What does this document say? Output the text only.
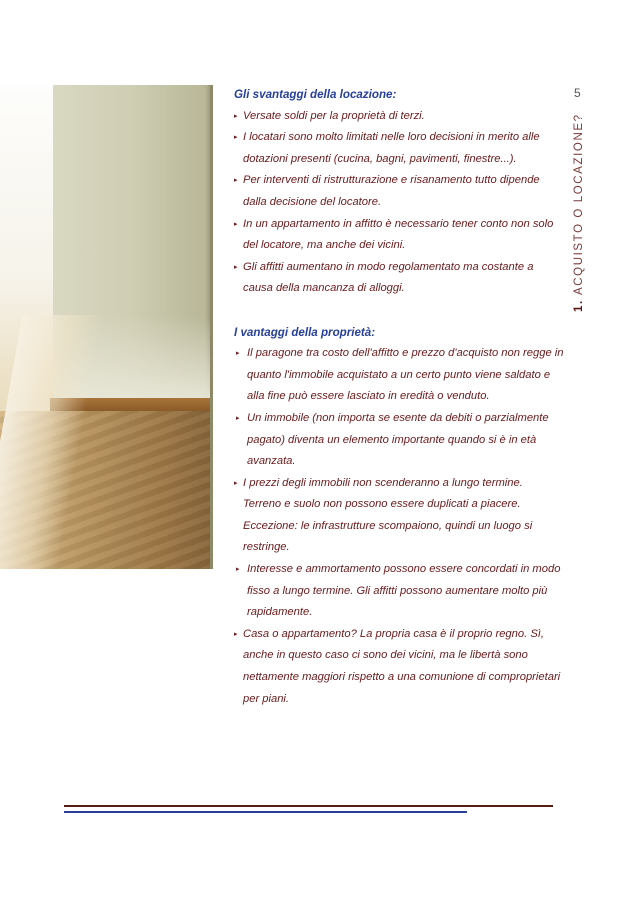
Gli svantaggi della locazione:

▸ Versate soldi per la proprietà di terzi.
▸ I locatari sono molto limitati nelle loro decisioni in merito alle dotazioni presenti (cucina, bagni, pavimenti, finestre...).
▸ Per interventi di ristrutturazione e risanamento tutto dipende dalla decisione del locatore.
▸ In un appartamento in affitto è necessario tener conto non solo del locatore, ma anche dei vicini.
▸ Gli affitti aumentano in modo regolamentato ma costante a causa della mancanza di alloggi.

I vantaggi della proprietà:

▸ Il paragone tra costo dell'affitto e prezzo d'acquisto non regge in quanto l'immobile acquistato a un certo punto viene saldato e alla fine può essere lasciato in eredità o venduto.
▸ Un immobile (non importa se esente da debiti o parzialmente pagato) diventa un elemento importante quando si è in età avanzata.
▸ I prezzi degli immobili non scenderanno a lungo termine. Terreno e suolo non possono essere duplicati a piacere. Eccezione: le infrastrutture scompaiono, quindi un luogo si restringe.
▸ Interesse e ammortamento possono essere concordati in modo fisso a lungo termine. Gli affitti possono aumentare molto più rapidamente.
▸ Casa o appartamento? La propria casa è il proprio regno. Sì, anche in questo caso ci sono dei vicini, ma le libertà sono nettamente maggiori rispetto a una comunione di comproprietari per piani.
5
1. ACQUISTO O LOCAZIONE?
